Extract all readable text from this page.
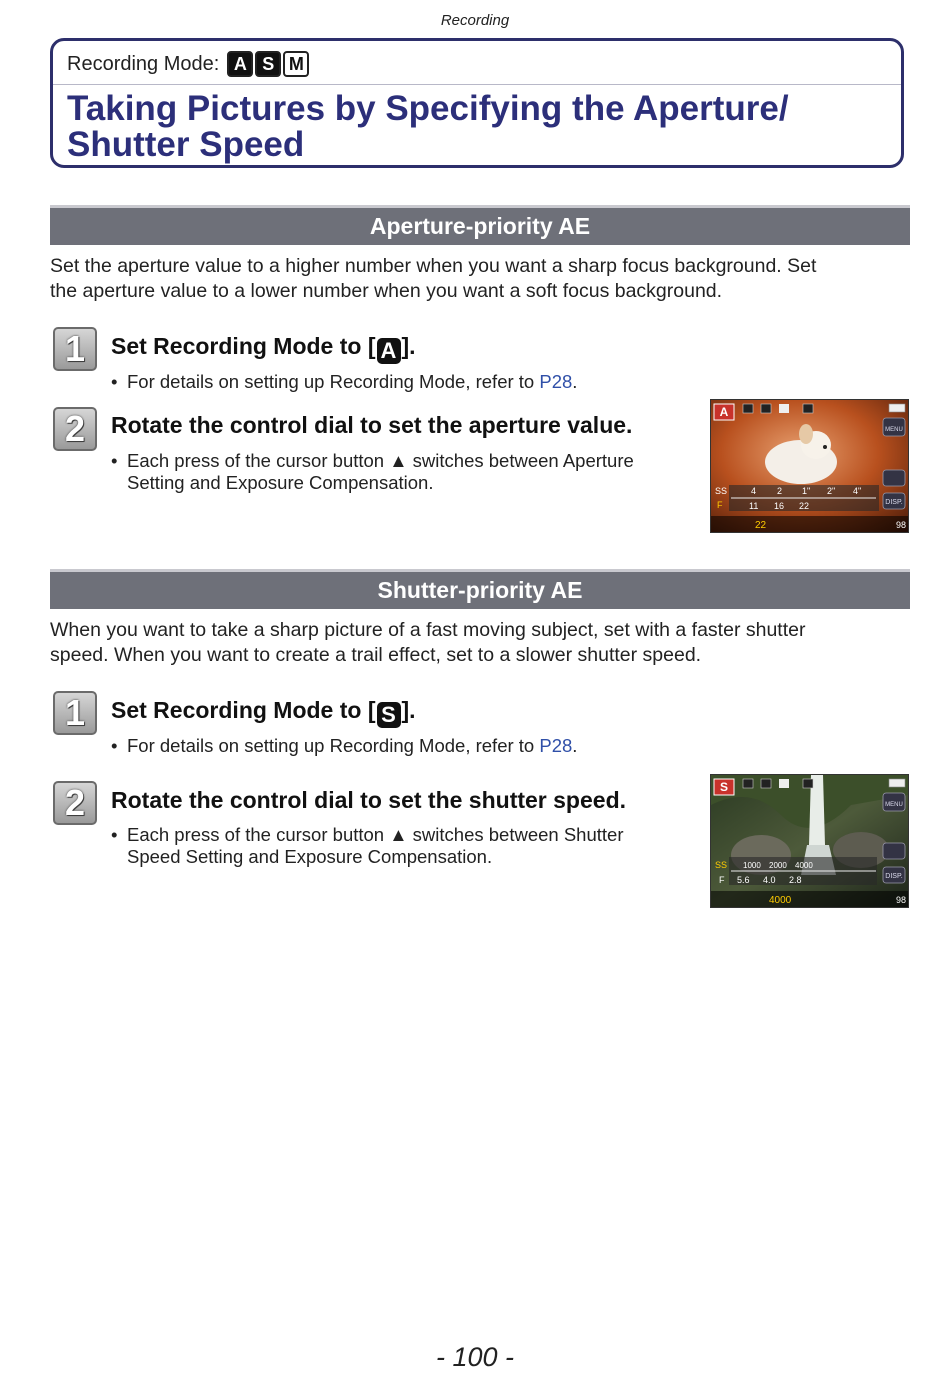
Recording
Recording Mode: A S M
Taking Pictures by Specifying the Aperture/
Shutter Speed
Aperture-priority AE
Set the aperture value to a higher number when you want a sharp focus background. Set
the aperture value to a lower number when you want a soft focus background.
1	Set Recording Mode to [ A ].
• For details on setting up Recording Mode, refer to P28.
2	Rotate the control dial to set the aperture value.
• Each press of the cursor button ▲ switches between Aperture
Setting and Exposure Compensation.
A
MENU
DISP.
SS
F
4 2 1" 2" 4"
11 16 22
22	98
Shutter-priority AE
When you want to take a sharp picture of a fast moving subject, set with a faster shutter
speed. When you want to create a trail effect, set to a slower shutter speed.
1	Set Recording Mode to [ S ].
• For details on setting up Recording Mode, refer to P28.
2	Rotate the control dial to set the shutter speed.
• Each press of the cursor button ▲ switches between Shutter
Speed Setting and Exposure Compensation.
S
MENU
DISP.
SS
F
1000 2000 4000
5.6 4.0 2.8
4000	98
- 100 -
